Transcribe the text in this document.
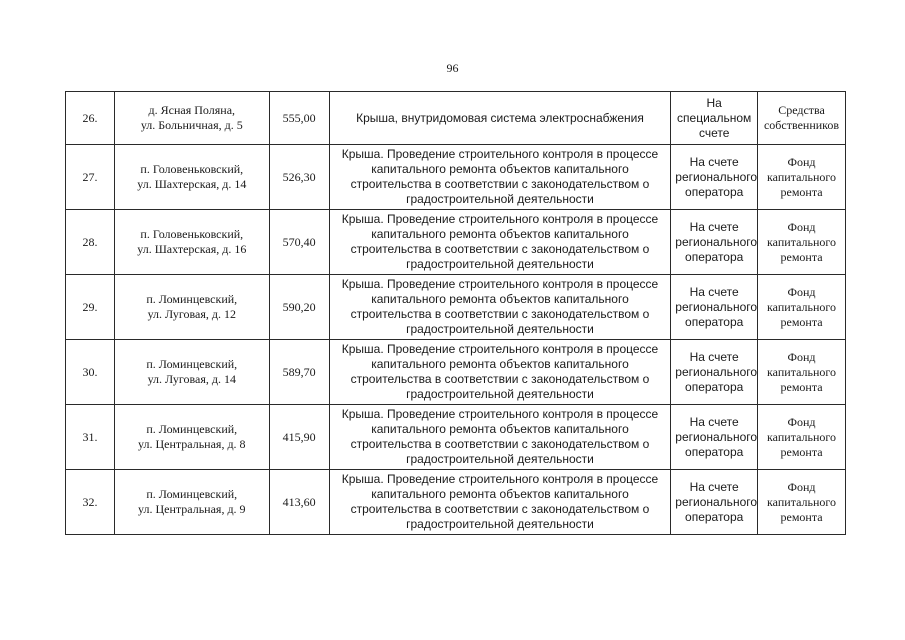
96
26.	д. Ясная Поляна,
ул. Больничная, д. 5	555,00	Крыша, внутридомовая система электроснабжения	На
специальном
счете	Средства
собственников

27.	п. Головеньковский,
ул. Шахтерская, д. 14	526,30	Крыша. Проведение строительного контроля в процессе
капитального ремонта объектов капитального
строительства в соответствии с законодательством о
градостроительной деятельности	На счете
регионального
оператора	Фонд
капитального
ремонта

28.	п. Головеньковский,
ул. Шахтерская, д. 16	570,40	Крыша. Проведение строительного контроля в процессе
капитального ремонта объектов капитального
строительства в соответствии с законодательством о
градостроительной деятельности	На счете
регионального
оператора	Фонд
капитального
ремонта

29.	п. Ломинцевский,
ул. Луговая, д. 12	590,20	Крыша. Проведение строительного контроля в процессе
капитального ремонта объектов капитального
строительства в соответствии с законодательством о
градостроительной деятельности	На счете
регионального
оператора	Фонд
капитального
ремонта

30.	п. Ломинцевский,
ул. Луговая, д. 14	589,70	Крыша. Проведение строительного контроля в процессе
капитального ремонта объектов капитального
строительства в соответствии с законодательством о
градостроительной деятельности	На счете
регионального
оператора	Фонд
капитального
ремонта

31.	п. Ломинцевский,
ул. Центральная, д. 8	415,90	Крыша. Проведение строительного контроля в процессе
капитального ремонта объектов капитального
строительства в соответствии с законодательством о
градостроительной деятельности	На счете
регионального
оператора	Фонд
капитального
ремонта

32.	п. Ломинцевский,
ул. Центральная, д. 9	413,60	Крыша. Проведение строительного контроля в процессе
капитального ремонта объектов капитального
строительства в соответствии с законодательством о
градостроительной деятельности	На счете
регионального
оператора	Фонд
капитального
ремонта
